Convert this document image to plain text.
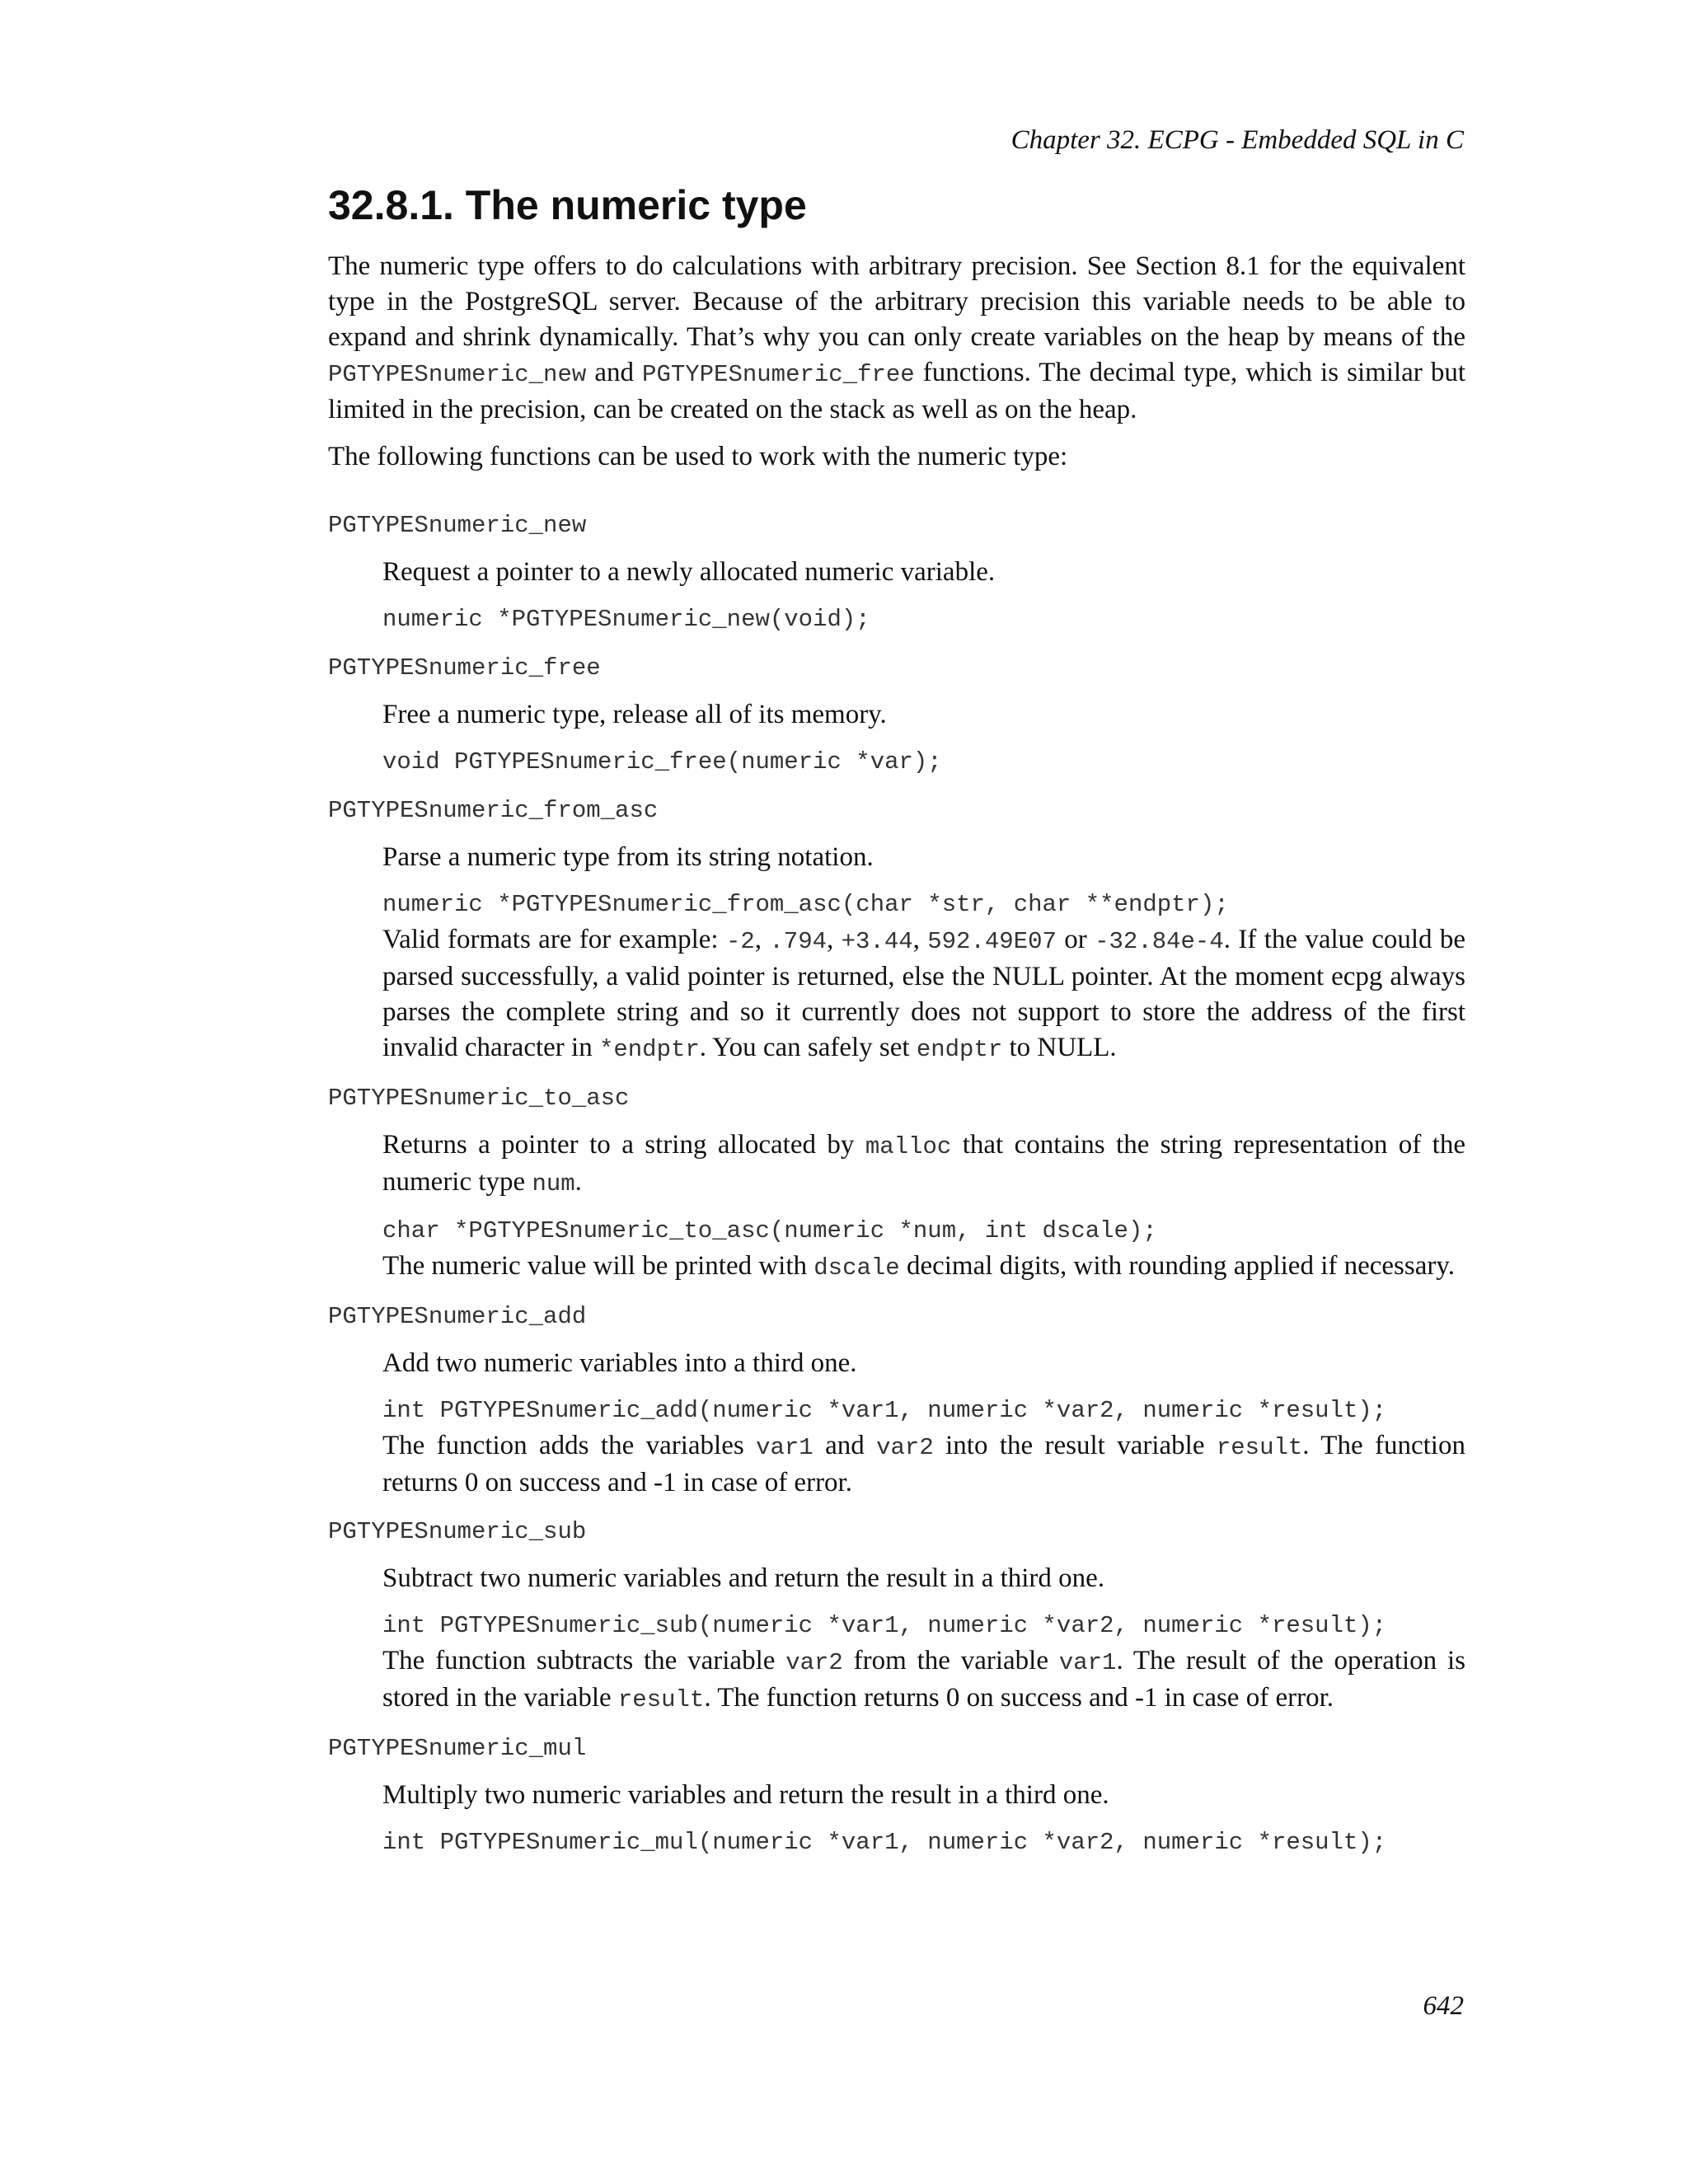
Chapter 32. ECPG - Embedded SQL in C
32.8.1. The numeric type

The numeric type offers to do calculations with arbitrary precision. See Section 8.1 for the equivalent type in the PostgreSQL server. Because of the arbitrary precision this variable needs to be able to expand and shrink dynamically. That’s why you can only create variables on the heap by means of the PGTYPESnumeric_new and PGTYPESnumeric_free functions. The decimal type, which is similar but limited in the precision, can be created on the stack as well as on the heap.

The following functions can be used to work with the numeric type:

PGTYPESnumeric_new

Request a pointer to a newly allocated numeric variable.

numeric *PGTYPESnumeric_new(void);
PGTYPESnumeric_free

Free a numeric type, release all of its memory.

void PGTYPESnumeric_free(numeric *var);
PGTYPESnumeric_from_asc

Parse a numeric type from its string notation.

numeric *PGTYPESnumeric_from_asc(char *str, char **endptr);

Valid formats are for example: -2, .794, +3.44, 592.49E07 or -32.84e-4. If the value could be parsed successfully, a valid pointer is returned, else the NULL pointer. At the moment ecpg always parses the complete string and so it currently does not support to store the address of the first invalid character in *endptr. You can safely set endptr to NULL.

PGTYPESnumeric_to_asc

Returns a pointer to a string allocated by malloc that contains the string representation of the numeric type num.

char *PGTYPESnumeric_to_asc(numeric *num, int dscale);

The numeric value will be printed with dscale decimal digits, with rounding applied if necessary.

PGTYPESnumeric_add

Add two numeric variables into a third one.

int PGTYPESnumeric_add(numeric *var1, numeric *var2, numeric *result);

The function adds the variables var1 and var2 into the result variable result. The function returns 0 on success and -1 in case of error.

PGTYPESnumeric_sub

Subtract two numeric variables and return the result in a third one.

int PGTYPESnumeric_sub(numeric *var1, numeric *var2, numeric *result);

The function subtracts the variable var2 from the variable var1. The result of the operation is stored in the variable result. The function returns 0 on success and -1 in case of error.

PGTYPESnumeric_mul

Multiply two numeric variables and return the result in a third one.

int PGTYPESnumeric_mul(numeric *var1, numeric *var2, numeric *result);
642
